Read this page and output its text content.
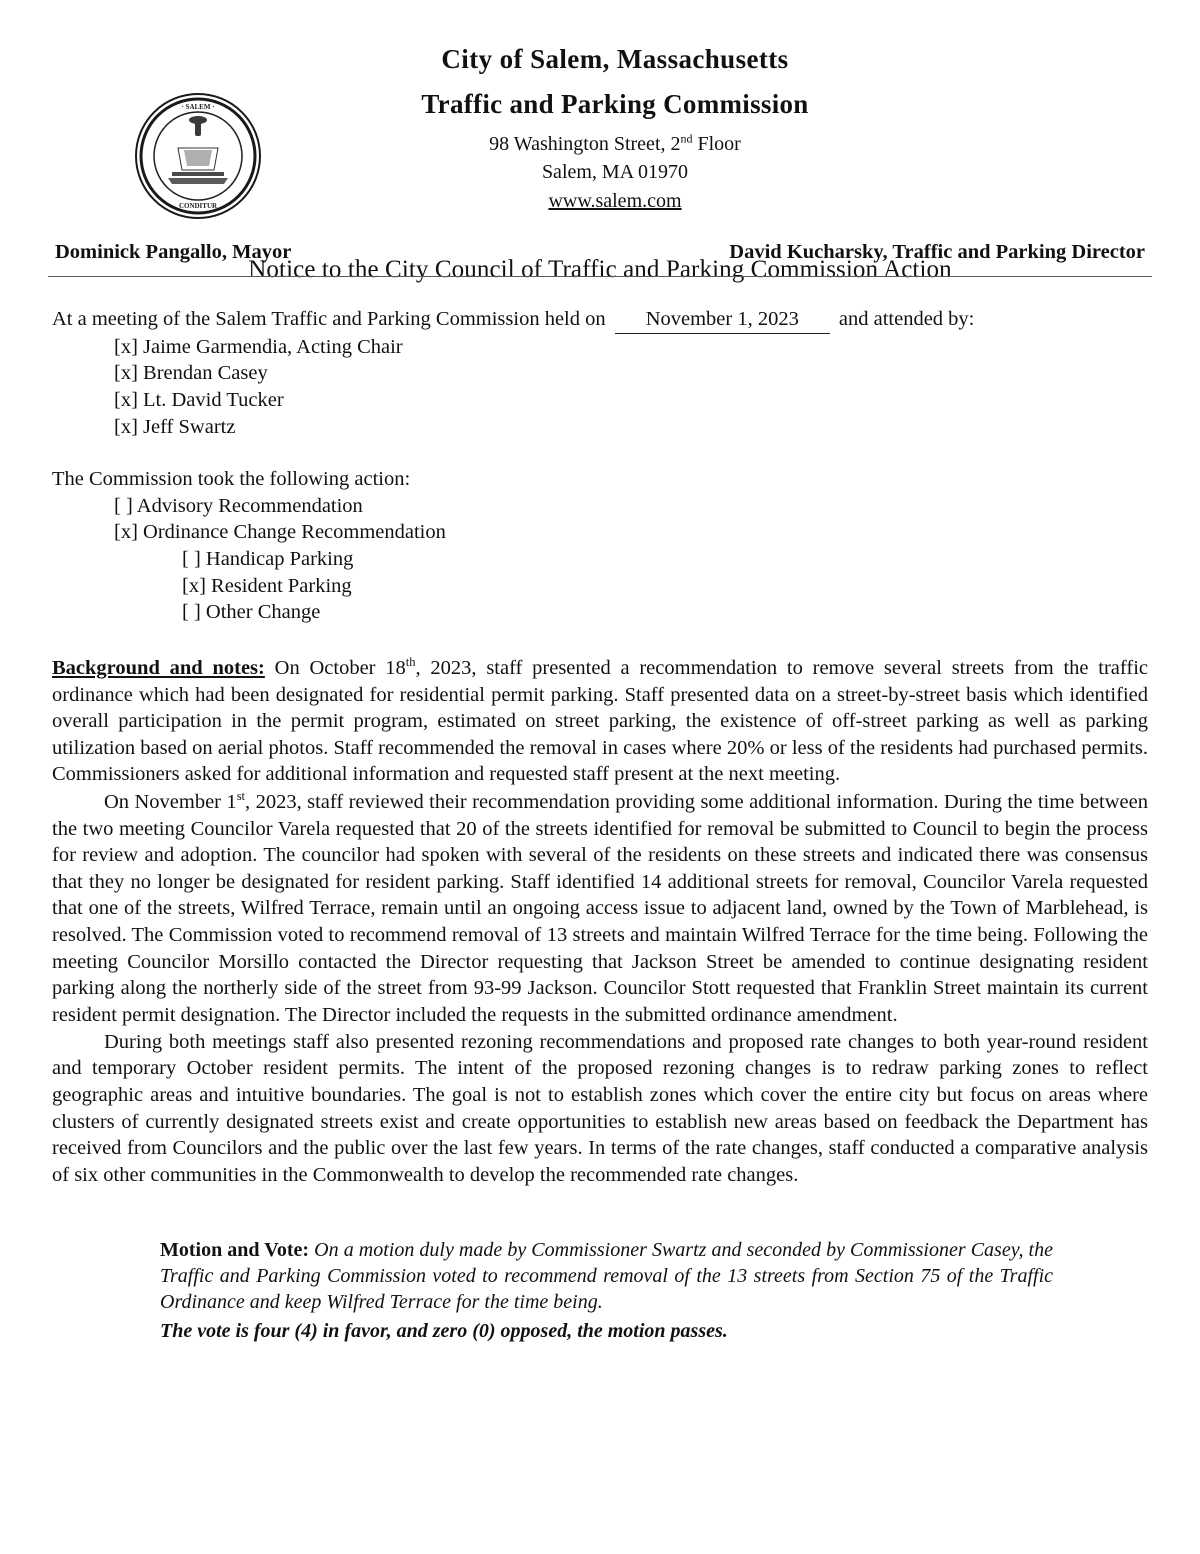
· SALEM ·
CONDITUR
City of Salem, Massachusetts
Traffic and Parking Commission
98 Washington Street, 2nd Floor
Salem, MA 01970
www.salem.com
Dominick Pangallo, Mayor	David Kucharsky, Traffic and Parking Director
Notice to the City Council of Traffic and Parking Commission Action
At a meeting of the Salem Traffic and Parking Commission held on November 1, 2023 and attended by:
[x] Jaime Garmendia, Acting Chair
[x] Brendan Casey
[x] Lt. David Tucker
[x] Jeff Swartz
The Commission took the following action:
[ ] Advisory Recommendation
[x] Ordinance Change Recommendation
[ ] Handicap Parking
[x] Resident Parking
[ ] Other Change

Background and notes: On October 18th, 2023, staff presented a recommendation to remove several streets from the traffic ordinance which had been designated for residential permit parking. Staff presented data on a street-by-street basis which identified overall participation in the permit program, estimated on street parking, the existence of off-street parking as well as parking utilization based on aerial photos. Staff recommended the removal in cases where 20% or less of the residents had purchased permits. Commissioners asked for additional information and requested staff present at the next meeting.

On November 1st, 2023, staff reviewed their recommendation providing some additional information. During the time between the two meeting Councilor Varela requested that 20 of the streets identified for removal be submitted to Council to begin the process for review and adoption. The councilor had spoken with several of the residents on these streets and indicated there was consensus that they no longer be designated for resident parking. Staff identified 14 additional streets for removal, Councilor Varela requested that one of the streets, Wilfred Terrace, remain until an ongoing access issue to adjacent land, owned by the Town of Marblehead, is resolved. The Commission voted to recommend removal of 13 streets and maintain Wilfred Terrace for the time being. Following the meeting Councilor Morsillo contacted the Director requesting that Jackson Street be amended to continue designating resident parking along the northerly side of the street from 93-99 Jackson. Councilor Stott requested that Franklin Street maintain its current resident permit designation. The Director included the requests in the submitted ordinance amendment.

During both meetings staff also presented rezoning recommendations and proposed rate changes to both year-round resident and temporary October resident permits. The intent of the proposed rezoning changes is to redraw parking zones to reflect geographic areas and intuitive boundaries. The goal is not to establish zones which cover the entire city but focus on areas where clusters of currently designated streets exist and create opportunities to establish new areas based on feedback the Department has received from Councilors and the public over the last few years. In terms of the rate changes, staff conducted a comparative analysis of six other communities in the Commonwealth to develop the recommended rate changes.

Motion and Vote: On a motion duly made by Commissioner Swartz and seconded by Commissioner Casey, the Traffic and Parking Commission voted to recommend removal of the 13 streets from Section 75 of the Traffic Ordinance and keep Wilfred Terrace for the time being.
The vote is four (4) in favor, and zero (0) opposed, the motion passes.
